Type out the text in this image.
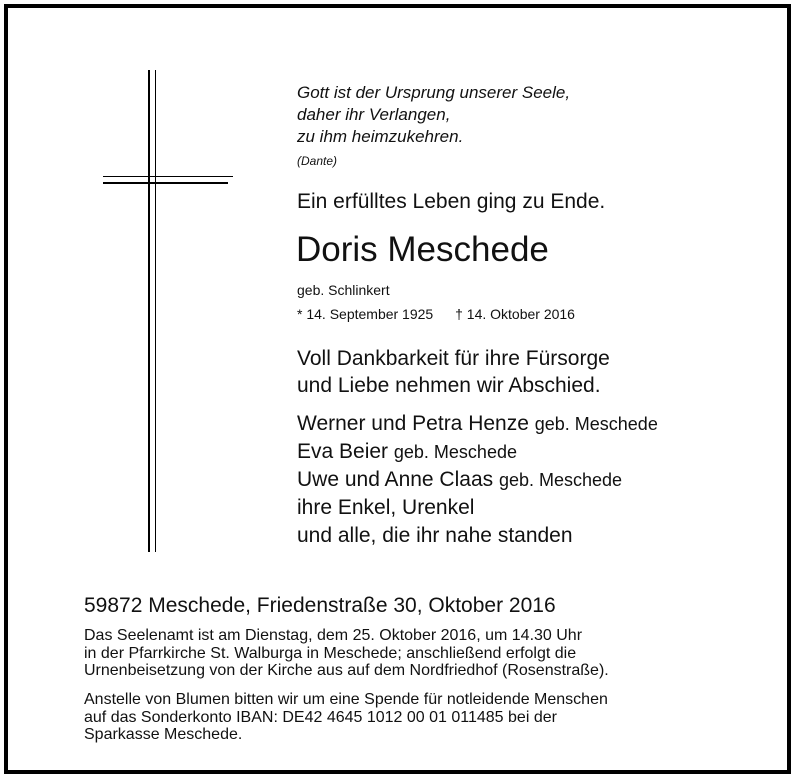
Gott ist der Ursprung unserer Seele,
daher ihr Verlangen,
zu ihm heimzukehren.
(Dante)
Ein erfülltes Leben ging zu Ende.
Doris Meschede
geb. Schlinkert
* 14. September 1925 † 14. Oktober 2016
Voll Dankbarkeit für ihre Fürsorge
und Liebe nehmen wir Abschied.
Werner und Petra Henze geb. Meschede
Eva Beier geb. Meschede
Uwe und Anne Claas geb. Meschede
ihre Enkel, Urenkel
und alle, die ihr nahe standen
59872 Meschede, Friedenstraße 30, Oktober 2016
Das Seelenamt ist am Dienstag, dem 25. Oktober 2016, um 14.30 Uhr
in der Pfarrkirche St. Walburga in Meschede; anschließend erfolgt die
Urnenbeisetzung von der Kirche aus auf dem Nordfriedhof (Rosenstraße).
Anstelle von Blumen bitten wir um eine Spende für notleidende Menschen
auf das Sonderkonto IBAN: DE42 4645 1012 00 01 011485 bei der
Sparkasse Meschede.
